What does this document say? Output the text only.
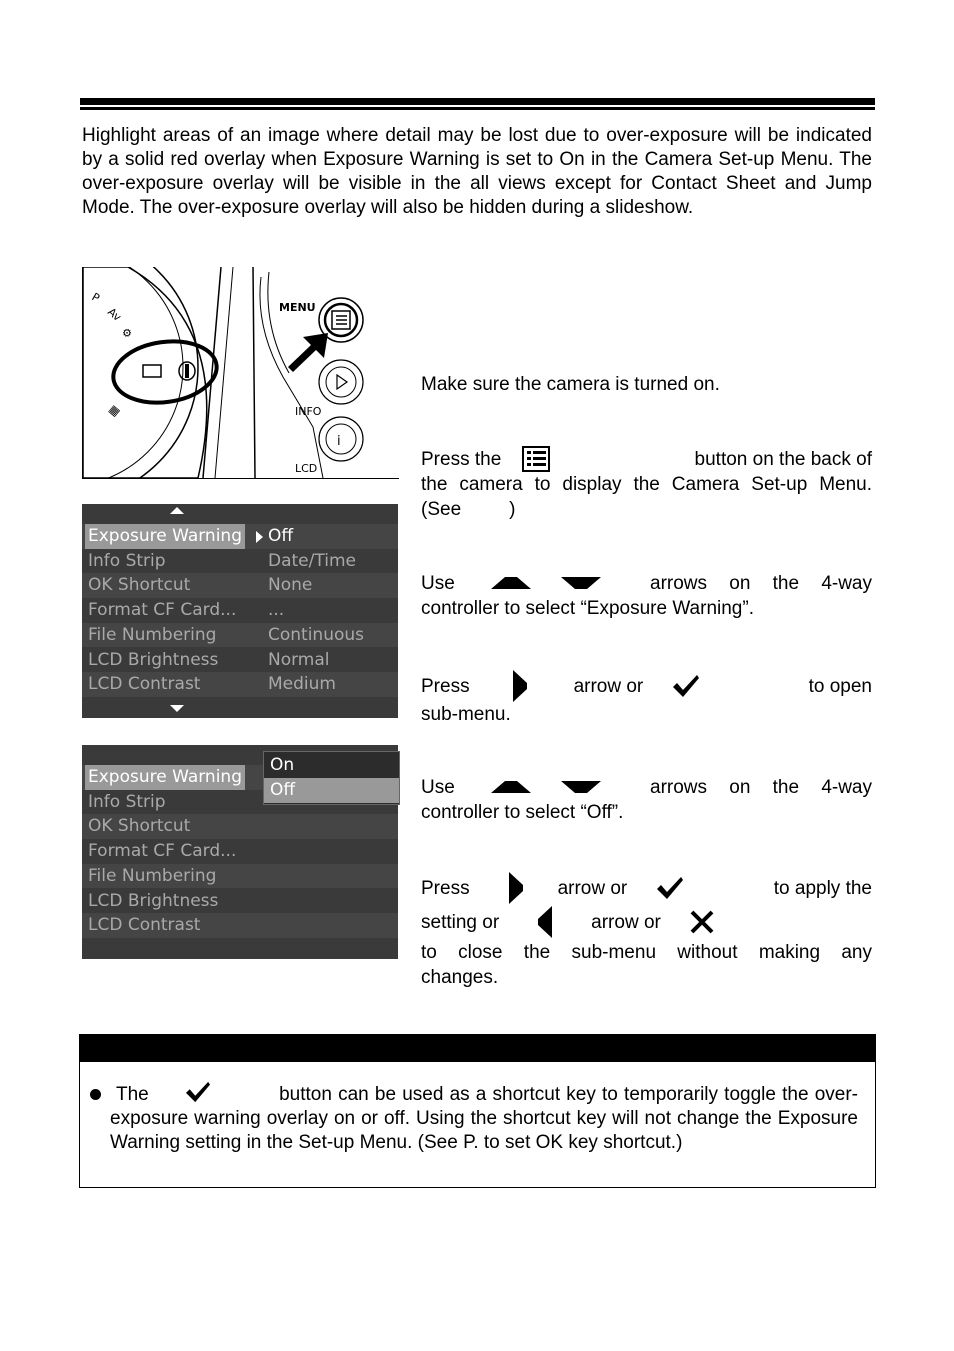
Highlight areas of an image where detail may be lost due to over-exposure will be indicated by a solid red overlay when Exposure Warning is set to On in the Camera Set-up Menu. The over-exposure overlay will be visible in the all views except for Contact Sheet and Jump Mode. The over-exposure overlay will also be hidden during a slideshow.
P
Av
⚙
▦
MENU
INFO
i
LCD
Exposure Warning Off
Info Strip	Date/Time
OK Shortcut	None
Format CF Card... ...
File Numbering	Continuous
LCD Brightness	Normal
LCD Contrast	Medium
Exposure Warning
Info Strip
OK Shortcut
Format CF Card...
File Numbering
LCD Brightness
LCD Contrast
On
Off
Make sure the camera is turned on.
Press the	button on the back of
the camera to display the Camera Set-up Menu.
(See	)
Use	arrows on the 4-way
controller to select “Exposure Warning”.
Press	arrow or	to open
sub-menu.
Use	arrows on the 4-way
controller to select “Off”.
Press	arrow or	to apply the
setting or	arrow or
to close the sub-menu without making any
changes.
The	button can be used as a shortcut key to temporarily toggle the over-exposure warning overlay on or off. Using the shortcut key will not change the Exposure Warning setting in the Set-up Menu. (See P. to set OK key shortcut.)
